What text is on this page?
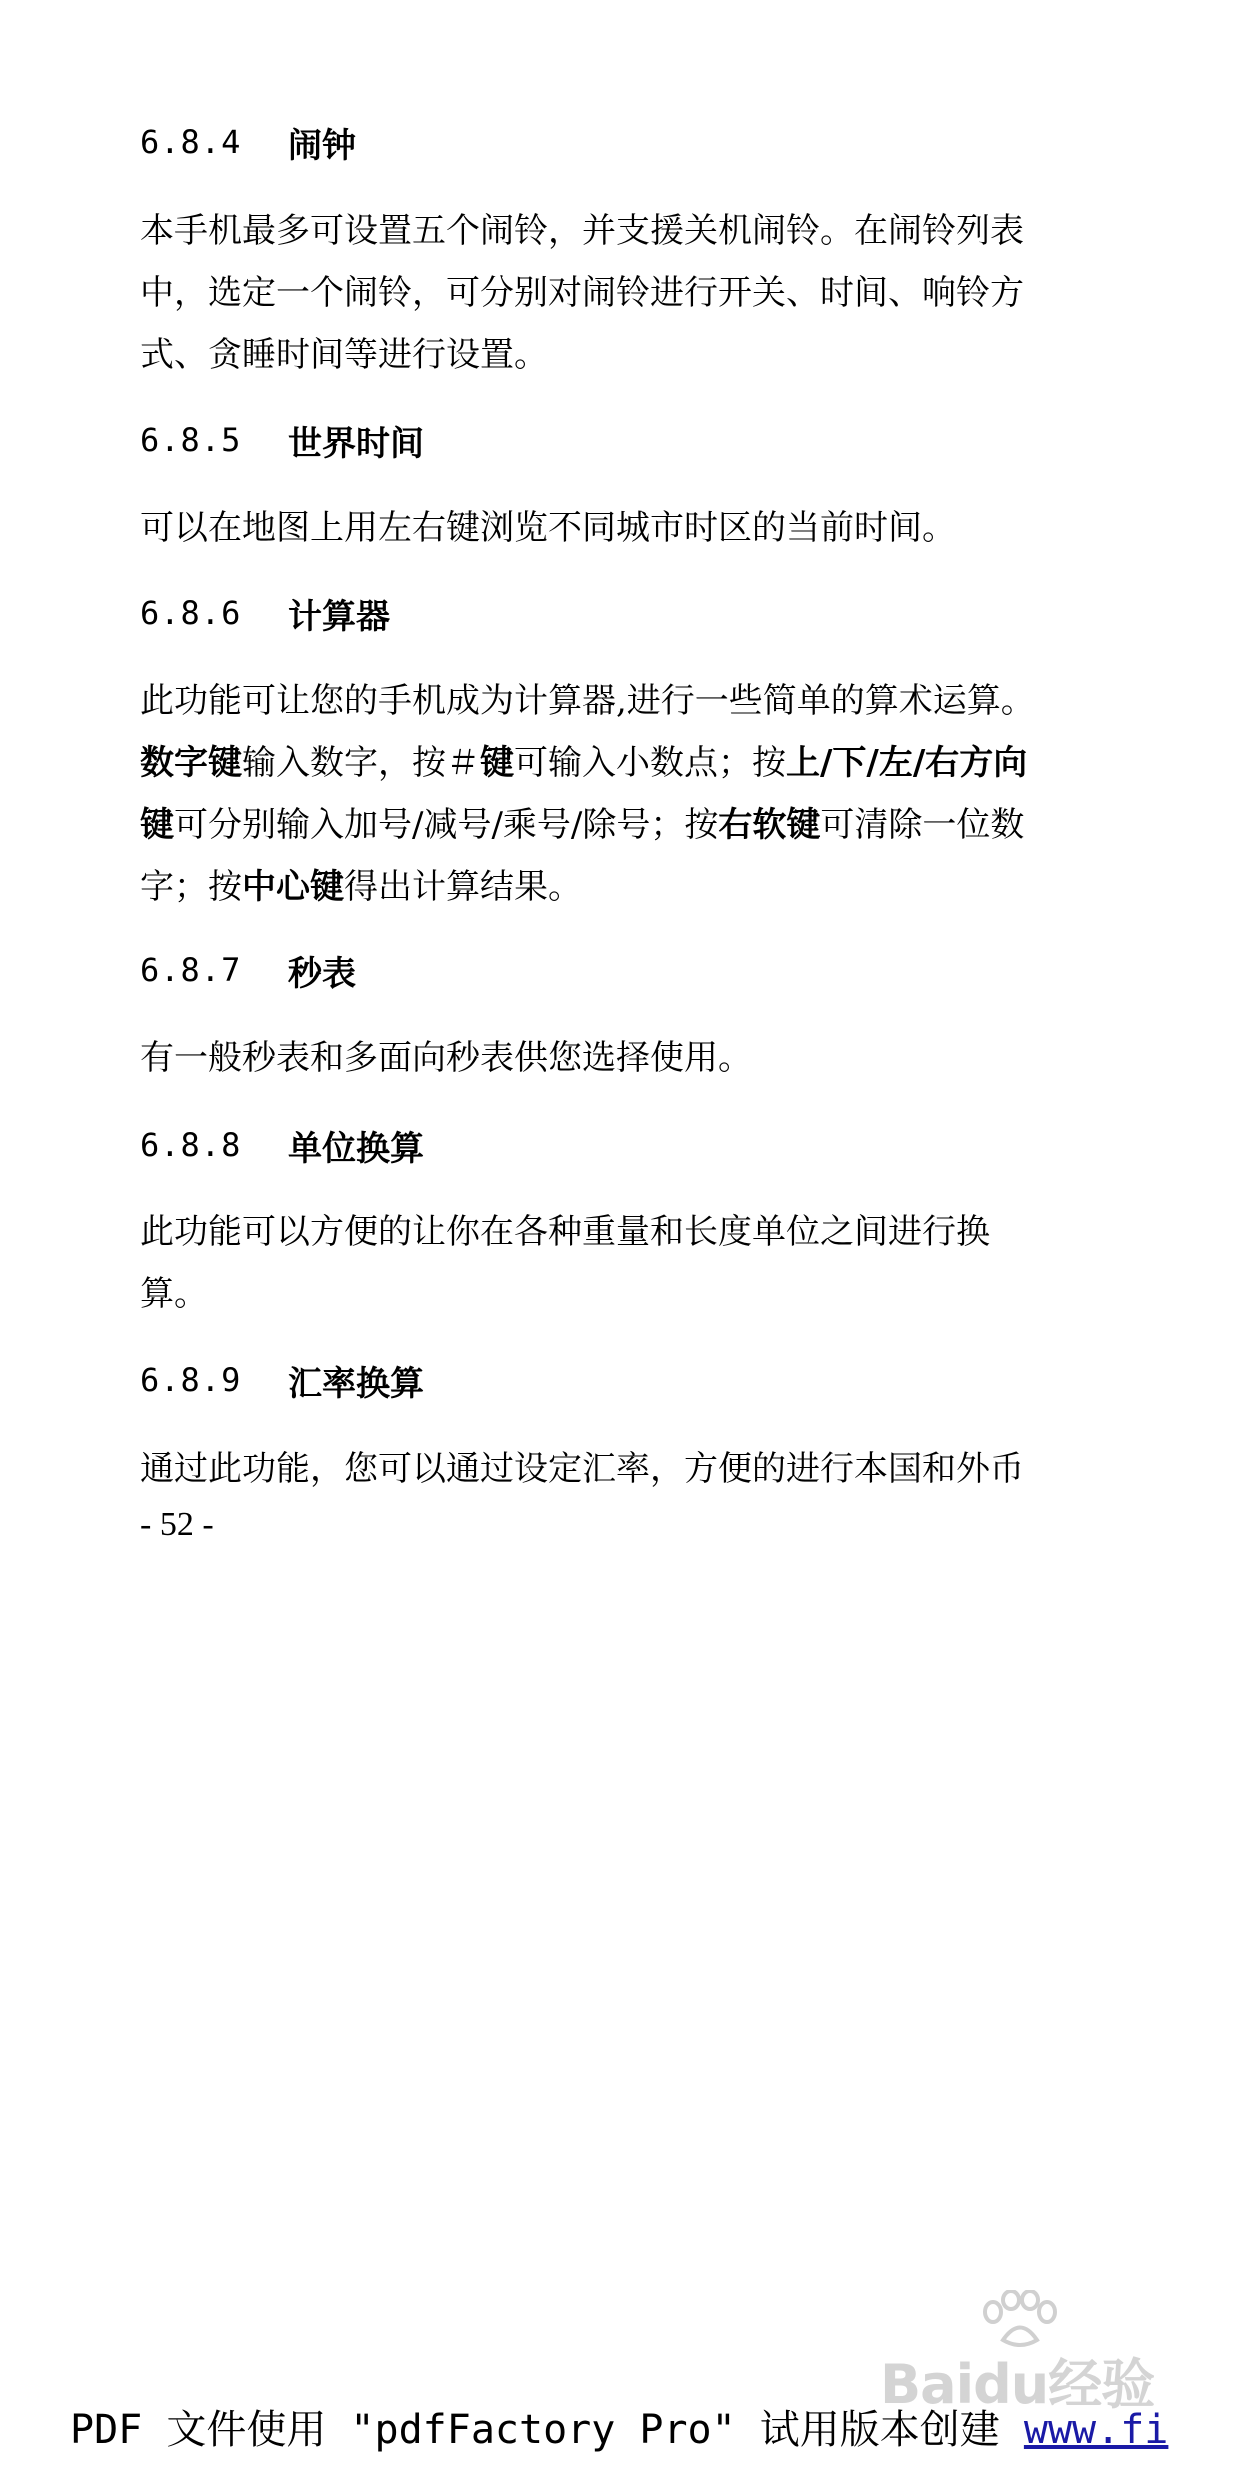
6.8.4	闹钟
本手机最多可设置五个闹铃，并支援关机闹铃。在闹铃列表
中，选定一个闹铃，可分别对闹铃进行开关、时间、响铃方
式、贪睡时间等进行设置。
6.8.5	世界时间
可以在地图上用左右键浏览不同城市时区的当前时间。
6.8.6	计算器
此功能可让您的手机成为计算器,进行一些简单的算术运算。
数字键输入数字，按＃键可输入小数点；按上/下/左/右方向
键可分别输入加号/减号/乘号/除号；按右软键可清除一位数
字；按中心键得出计算结果。
6.8.7	秒表
有一般秒表和多面向秒表供您选择使用。
6.8.8	单位换算
此功能可以方便的让你在各种重量和长度单位之间进行换
算。
6.8.9	汇率换算
通过此功能，您可以通过设定汇率，方便的进行本国和外币
- 52 -
Baidu经验
PDF 文件使用 "pdfFactory Pro" 试用版本创建 www.fi
